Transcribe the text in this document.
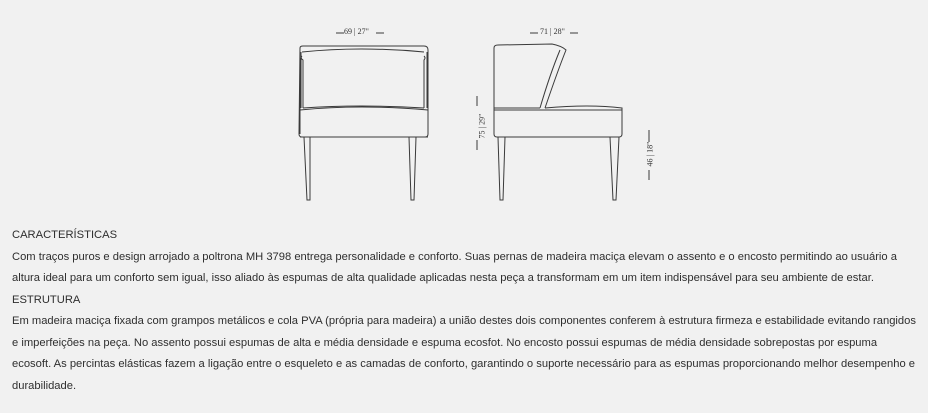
69 | 27"	71 | 28"
75 | 29"
46 | 18"
CARACTERÍSTICAS

Com traços puros e design arrojado a poltrona MH 3798 entrega personalidade e conforto. Suas pernas de madeira maciça elevam o assento e o encosto permitindo ao usuário a altura ideal para um conforto sem igual, isso aliado às espumas de alta qualidade aplicadas nesta peça a transformam em um item indispensável para seu ambiente de estar.

ESTRUTURA

Em madeira maciça fixada com grampos metálicos e cola PVA (própria para madeira) a união destes dois componentes conferem à estrutura firmeza e estabilidade evitando rangidos e imperfeições na peça. No assento possui espumas de alta e média densidade e espuma ecosfot. No encosto possui espumas de média densidade sobrepostas por espuma ecosoft. As percintas elásticas fazem a ligação entre o esqueleto e as camadas de conforto, garantindo o suporte necessário para as espumas proporcionando melhor desempenho e durabilidade.
